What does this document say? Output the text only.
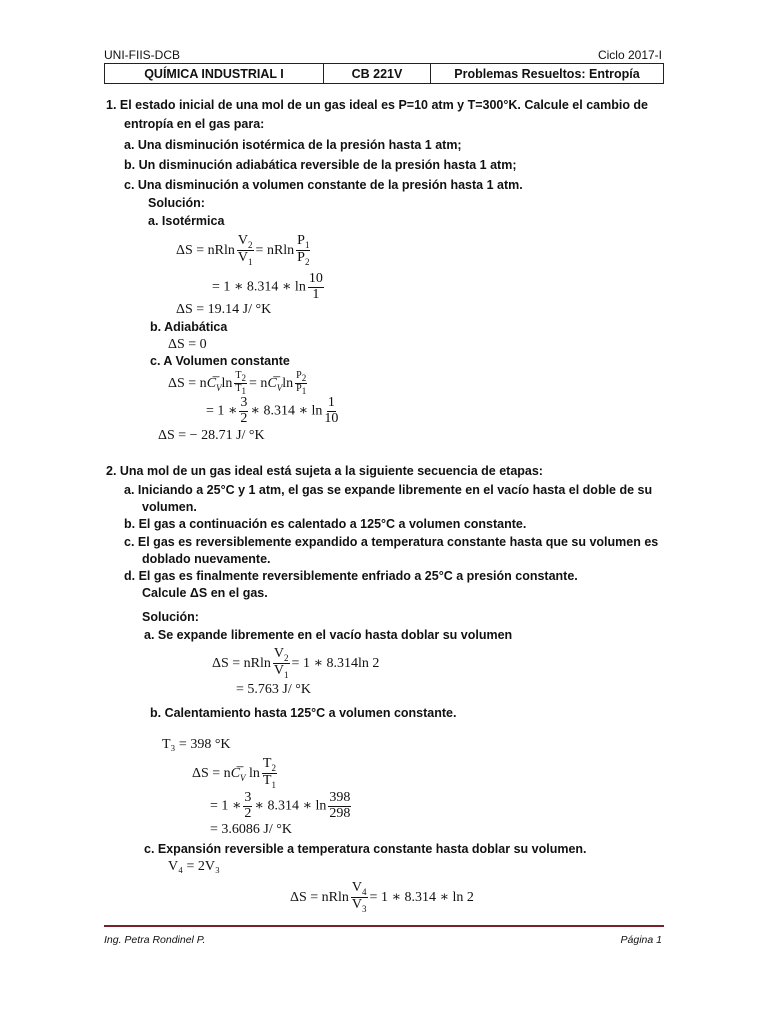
UNI-FIIS-DCB	Ciclo 2017-I
QUÍMICA INDUSTRIAL I	CB 221V	Problemas Resueltos: Entropía
1. El estado inicial de una mol de un gas ideal es P=10 atm y T=300°K. Calcule el cambio de
entropía en el gas para:
a. Una disminución isotérmica de la presión hasta 1 atm;
b. Un disminución adiabática reversible de la presión hasta 1 atm;
c. Una disminución a volumen constante de la presión hasta 1 atm.
Solución:
a. Isotérmica
ΔS = nRln $\frac{V_2}{V_1} = nRln \frac{P_1}{P_2}$
= 1 ∗ 8.314 ∗ $\ln \frac{10}{1}$
ΔS = 19.14 J/ °K
b. Adiabática
ΔS = 0
c. A Volumen constante
$\Delta S = nC_V\ln \frac{T_2}{T_1} = nC_V\ln \frac{P_2}{P_1}$
= 1 ∗ $\frac{3}{2}$ ∗ 8.314 ∗ $\ln \frac{1}{10}$
ΔS = − 28.71 J/ °K
2. Una mol de un gas ideal está sujeta a la siguiente secuencia de etapas:
a. Iniciando a 25°C y 1 atm, el gas se expande libremente en el vacío hasta el doble de su
volumen.
b. El gas a continuación es calentado a 125°C a volumen constante.
c. El gas es reversiblemente expandido a temperatura constante hasta que su volumen es
doblado nuevamente.
d. El gas es finalmente reversiblemente enfriado a 25°C a presión constante.
Calcule ΔS en el gas.
Solución:
a. Se expande libremente en el vacío hasta doblar su volumen
ΔS = nRln $\frac{V_2}{V_1} = 1$ ∗ 8.314ln 2
= 5.763 J/ °K
b. Calentamiento hasta 125°C a volumen constante.
T₃ = 398 °K
$\Delta S = nC_V$ $\ln \frac{T_2}{T_1}$
= 1 ∗ $\frac{3}{2}$ ∗ 8.314 ∗ $\ln \frac{398}{298}$
= 3.6086 J/ °K
c. Expansión reversible a temperatura constante hasta doblar su volumen.
V₄ = 2V₃
ΔS = nRln $\frac{V_4}{V_3} = 1$ ∗ 8.314 ∗ ln 2
Ing. Petra Rondinel P.	Página 1
